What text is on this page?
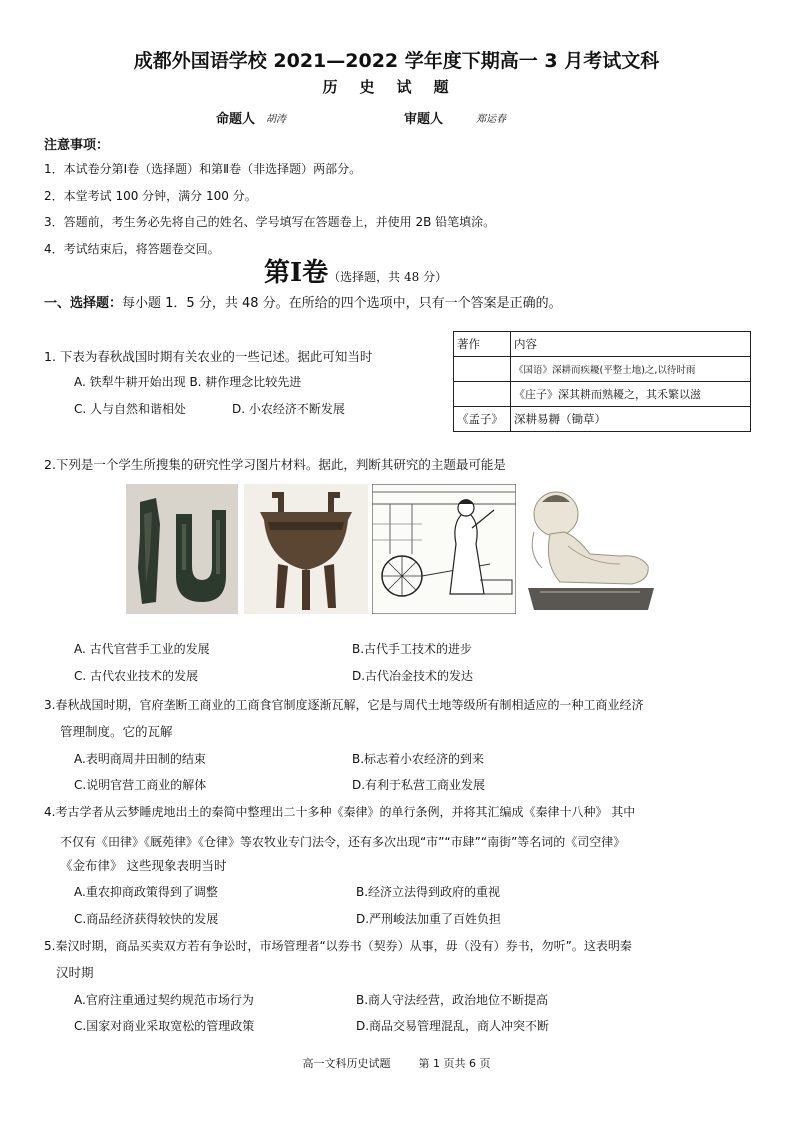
成都外国语学校 2021—2022 学年度下期高一 3 月考试文科
历史试题
命题人 胡涛	审题人	郑运春
注意事项：
1．本试卷分第Ⅰ卷（选择题）和第Ⅱ卷（非选择题）两部分。
2．本堂考试 100 分钟，满分 100 分。
3．答题前，考生务必先将自己的姓名、学号填写在答题卷上，并使用 2B 铅笔填涂。
4．考试结束后，将答题卷交回。
第Ⅰ卷（选择题，共 48 分）
一、选择题：每小题 1．5 分，共 48 分。在所给的四个选项中，只有一个答案是正确的。
1. 下表为春秋战国时期有关农业的一些记述。据此可知当时
A. 铁犁牛耕开始出现 B. 耕作理念比较先进
C. 人与自然和谐相处	D. 小农经济不断发展
著作	内容
	《国语》深耕而疾耰(平整土地)之,以待时雨
	《庄子》深其耕而熟耰之，其禾繁以滋
《孟子》	深耕易耨（锄草）
2.下列是一个学生所搜集的研究性学习图片材料。据此，判断其研究的主题最可能是
A. 古代官营手工业的发展	B.古代手工技术的进步
C. 古代农业技术的发展	D.古代冶金技术的发达
3.春秋战国时期，官府垄断工商业的工商食官制度逐渐瓦解，它是与周代土地等级所有制相适应的一种工商业经济
管理制度。它的瓦解
A.表明商周井田制的结束	B.标志着小农经济的到来
C.说明官营工商业的解体	D.有利于私营工商业发展
4.考古学者从云梦睡虎地出土的秦简中整理出二十多种《秦律》的单行条例，并将其汇编成《秦律十八种》 其中
不仅有《田律》《厩苑律》《仓律》等农牧业专门法令，还有多次出现“市”“市肆”“南街”等名词的《司空律》
《金布律》 这些现象表明当时
A.重农抑商政策得到了调整	B.经济立法得到政府的重视
C.商品经济获得较快的发展	D.严刑峻法加重了百姓负担
5.秦汉时期，商品买卖双方若有争讼时，市场管理者“以券书（契券）从事，毋（没有）券书，勿听”。这表明秦
汉时期
A.官府注重通过契约规范市场行为	B.商人守法经营，政治地位不断提高
C.国家对商业采取宽松的管理政策	D.商品交易管理混乱，商人冲突不断
高一文科历史试题	第 1 页共 6 页
